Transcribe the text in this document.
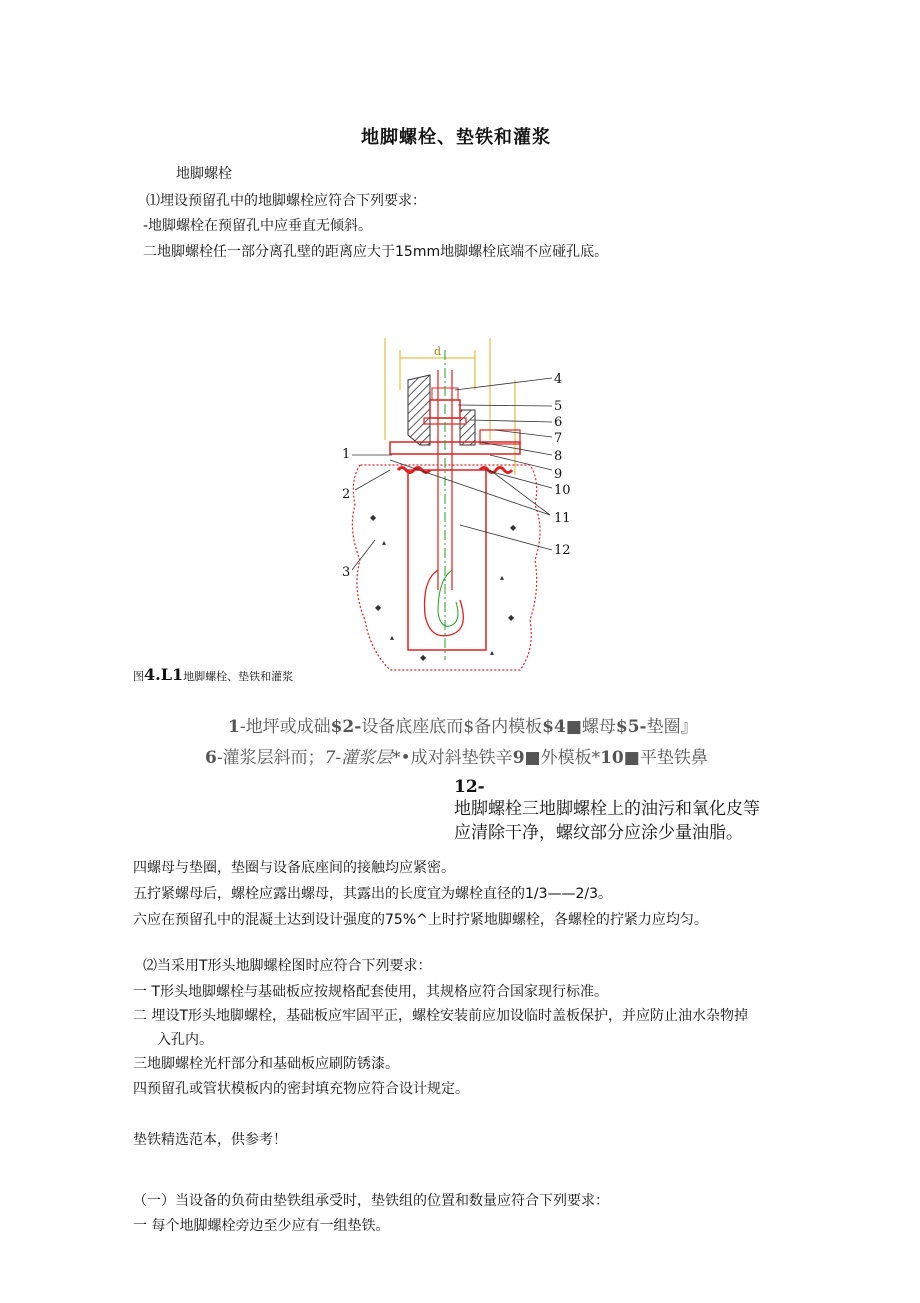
地脚螺栓、垫铁和灌浆
地脚螺栓
⑴埋设预留孔中的地脚螺栓应符合下列要求：
-地脚螺栓在预留孔中应垂直无倾斜。
二地脚螺栓任一部分离孔壁的距离应大于15mm地脚螺栓底端不应碰孔底。
d
4
5
6
7
8
9
10
11
12
1
2
3
◆
▴
◆
▴
◆
▴
◆
▴
◆
图4.L1地脚螺栓、垫铁和灌浆
1-地坪或成础$2-设备底座底而$备内模板$4■螺母$5-垫圈』
6-灌浆层斜而；7-灌浆层*•成对斜垫铁辛9■外模板*10■平垫铁鼻
12-
地脚螺栓三地脚螺栓上的油污和氧化皮等
应清除干净，螺纹部分应涂少量油脂。
四螺母与垫圈，垫圈与设备底座间的接触均应紧密。
五拧紧螺母后，螺栓应露出螺母，其露出的长度宜为螺栓直径的1/3——2/3。
六应在预留孔中的混凝土达到设计强度的75%^上时拧紧地脚螺栓，各螺栓的拧紧力应均匀。
⑵当采用T形头地脚螺栓图时应符合下列要求：
一 T形头地脚螺栓与基础板应按规格配套使用，其规格应符合国家现行标准。
二 埋设T形头地脚螺栓，基础板应牢固平正，螺栓安装前应加设临时盖板保护，并应防止油水杂物掉
入孔内。
三地脚螺栓光杆部分和基础板应刷防锈漆。
四预留孔或管状模板内的密封填充物应符合设计规定。
垫铁精选范本，供参考！
（一）当设备的负荷由垫铁组承受时，垫铁组的位置和数量应符合下列要求：
一 每个地脚螺栓旁边至少应有一组垫铁。
